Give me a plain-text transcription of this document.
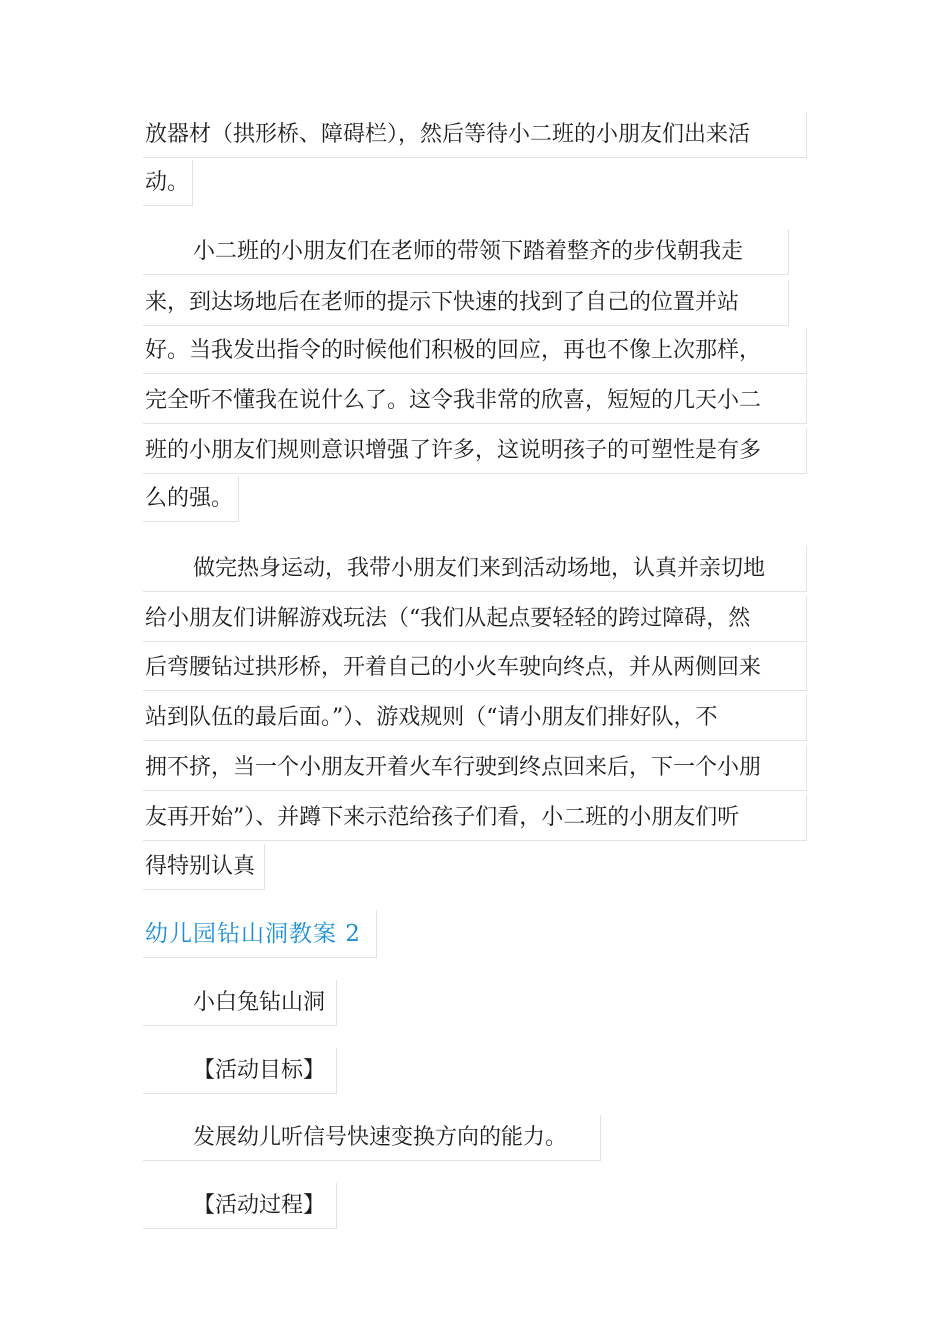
放器材（拱形桥、障碍栏），然后等待小二班的小朋友们出来活
动。
小二班的小朋友们在老师的带领下踏着整齐的步伐朝我走
来，到达场地后在老师的提示下快速的找到了自己的位置并站
好。当我发出指令的时候他们积极的回应，再也不像上次那样，
完全听不懂我在说什么了。这令我非常的欣喜，短短的几天小二
班的小朋友们规则意识增强了许多，这说明孩子的可塑性是有多
么的强。
做完热身运动，我带小朋友们来到活动场地，认真并亲切地
给小朋友们讲解游戏玩法（“我们从起点要轻轻的跨过障碍，然
后弯腰钻过拱形桥，开着自己的小火车驶向终点，并从两侧回来
站到队伍的最后面。”）、游戏规则（“请小朋友们排好队，不
拥不挤，当一个小朋友开着火车行驶到终点回来后，下一个小朋
友再开始”）、并蹲下来示范给孩子们看，小二班的小朋友们听
得特别认真
幼儿园钻山洞教案 2
小白兔钻山洞
【活动目标】
发展幼儿听信号快速变换方向的能力。
【活动过程】
